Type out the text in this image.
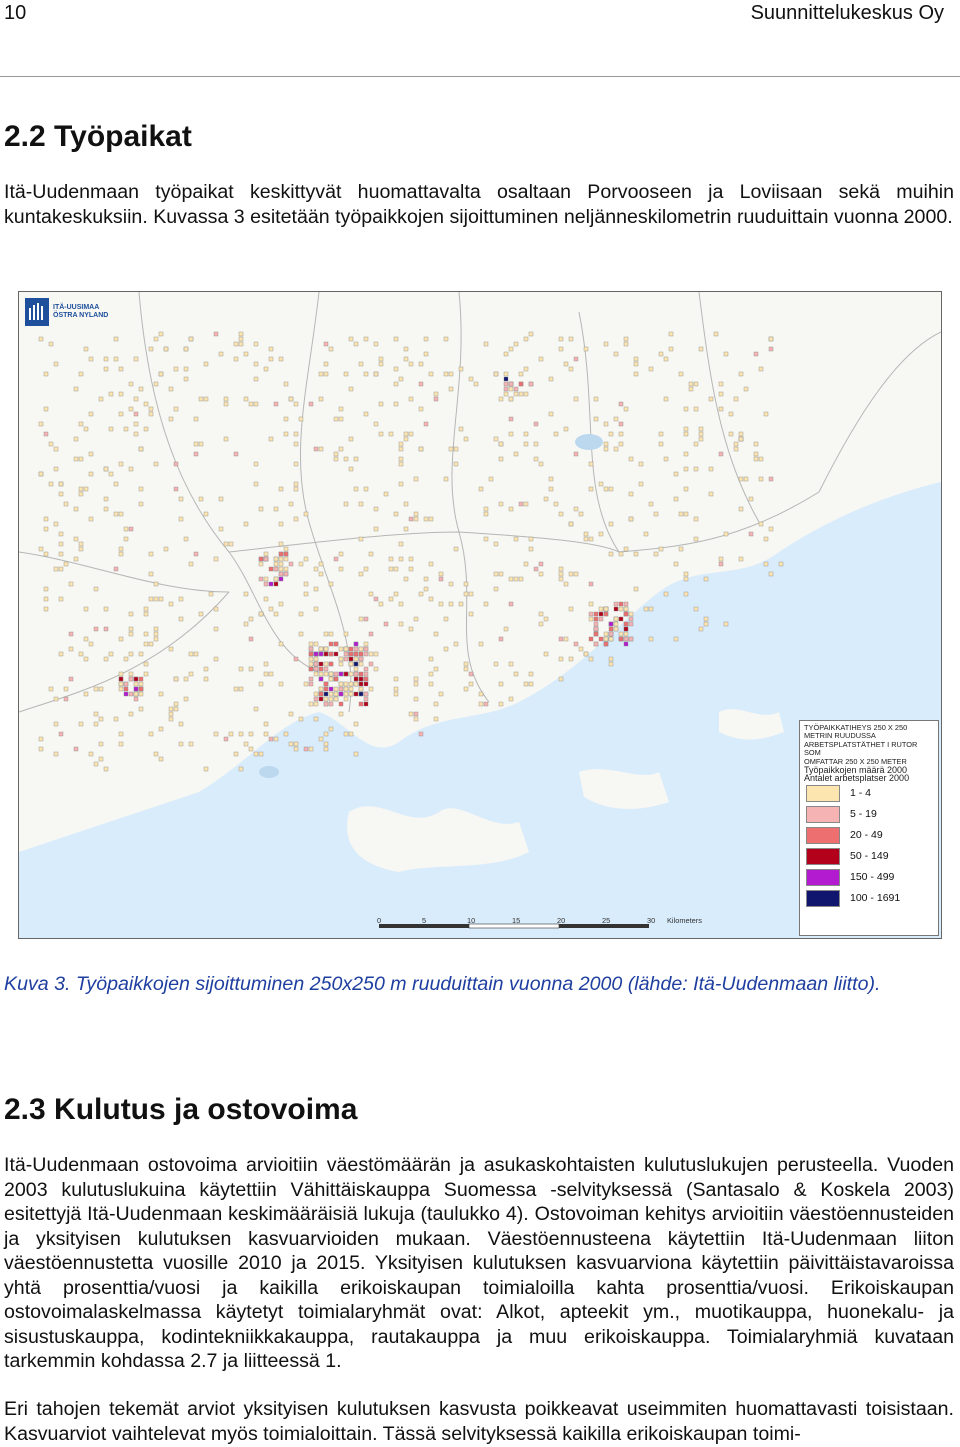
10	Suunnittelukeskus Oy
2.2 Työpaikat

Itä-Uudenmaan työpaikat keskittyvät huomattavalta osaltaan Porvooseen ja Loviisaan sekä muihin kuntakeskuksiin. Kuvassa 3 esitetään työpaikkojen sijoittuminen neljänneskilometrin ruuduittain vuonna 2000.

ITÄ-UUSIMAA
ÖSTRA NYLAND
TYÖPAIKKATIHEYS 250 X 250
METRIN RUUDUSSA
ARBETSPLATSTÄTHET I RUTOR SOM
OMFATTAR 250 X 250 METER
Työpaikkojen määrä 2000
Antalet arbetsplatser 2000
1 - 4
5 - 19
20 - 49
50 - 149
150 - 499
100 - 1691
0	5	10	15	20	25	30 Kilometers
Kuva 3. Työpaikkojen sijoittuminen 250x250 m ruuduittain vuonna 2000 (lähde: Itä-Uudenmaan liitto).
2.3 Kulutus ja ostovoima

Itä-Uudenmaan ostovoima arvioitiin väestömäärän ja asukaskohtaisten kulutuslukujen perusteella. Vuoden 2003 kulutuslukuina käytettiin Vähittäiskauppa Suomessa -selvityksessä (Santasalo & Koskela 2003) esitettyjä Itä-Uudenmaan keskimääräisiä lukuja (taulukko 4). Ostovoiman kehitys arvioitiin väestöennusteiden ja yksityisen kulutuksen kasvuarvioiden mukaan. Väestöennusteena käytettiin Itä-Uudenmaan liiton väestöennustetta vuosille 2010 ja 2015. Yksityisen kulutuksen kasvuarviona käytettiin päivittäistavaroissa yhtä prosenttia/vuosi ja kaikilla erikoiskaupan toimialoilla kahta prosenttia/vuosi. Erikoiskaupan ostovoimalaskelmassa käytetyt toimialaryhmät ovat: Alkot, apteekit ym., muotikauppa, huonekalu- ja sisustuskauppa, kodintekniikkakauppa, rautakauppa ja muu erikoiskauppa. Toimialaryhmiä kuvataan tarkemmin kohdassa 2.7 ja liitteessä 1.

Eri tahojen tekemät arviot yksityisen kulutuksen kasvusta poikkeavat useimmiten huomattavasti toisistaan. Kasvuarviot vaihtelevat myös toimialoittain. Tässä selvityksessä kaikilla erikoiskaupan toimi-
